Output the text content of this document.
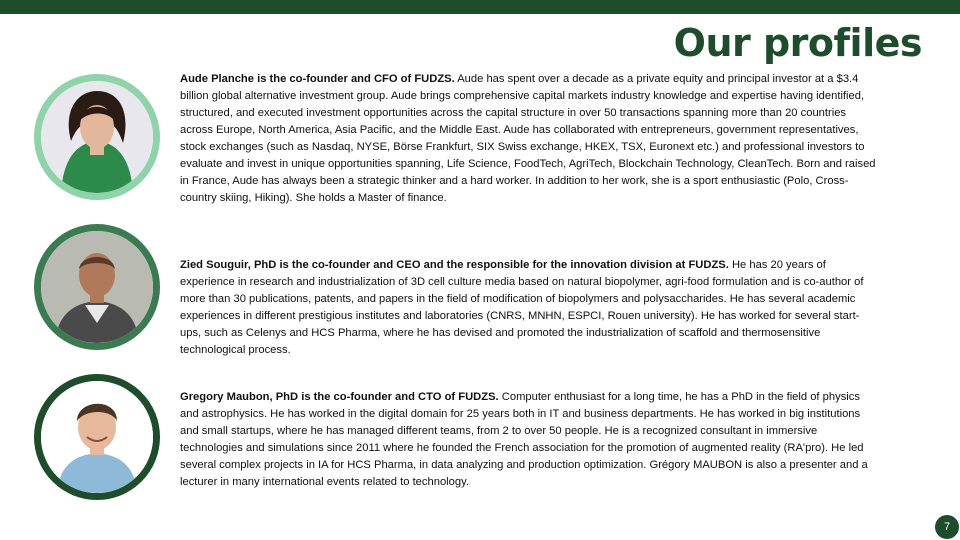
Our profiles

Aude Planche is the co-founder and CFO of FUDZS. Aude has spent over a decade as a private equity and principal investor at a $3.4 billion global alternative investment group. Aude brings comprehensive capital markets industry knowledge and expertise having identified, structured, and executed investment opportunities across the capital structure in over 50 transactions spanning more than 20 countries across Europe, North America, Asia Pacific, and the Middle East. Aude has collaborated with entrepreneurs, government representatives, stock exchanges (such as Nasdaq, NYSE, Börse Frankfurt, SIX Swiss exchange, HKEX, TSX, Euronext etc.) and professional investors to evaluate and invest in unique opportunities spanning, Life Science, FoodTech, AgriTech, Blockchain Technology, CleanTech. Born and raised in France, Aude has always been a strategic thinker and a hard worker. In addition to her work, she is a sport enthusiastic (Polo, Cross-country skiing, Hiking). She holds a Master of finance.

Zied Souguir, PhD is the co-founder and CEO and the responsible for the innovation division at FUDZS. He has 20 years of experience in research and industrialization of 3D cell culture media based on natural biopolymer, agri-food formulation and is co-author of more than 30 publications, patents, and papers in the field of modification of biopolymers and polysaccharides. He has several academic experiences in different prestigious institutes and laboratories (CNRS, MNHN, ESPCI, Rouen university). He has worked for several start-ups, such as Celenys and HCS Pharma, where he has devised and promoted the industrialization of scaffold and thermosensitive technological process.

Gregory Maubon, PhD is the co-founder and CTO of FUDZS. Computer enthusiast for a long time, he has a PhD in the field of physics and astrophysics. He has worked in the digital domain for 25 years both in IT and business departments. He has worked in big institutions and small startups, where he has managed different teams, from 2 to over 50 people. He is a recognized consultant in immersive technologies and simulations since 2011 where he founded the French association for the promotion of augmented reality (RA'pro). He led several complex projects in IA for HCS Pharma, in data analyzing and production optimization. Grégory MAUBON is also a presenter and a lecturer in many international events related to technology.

7
